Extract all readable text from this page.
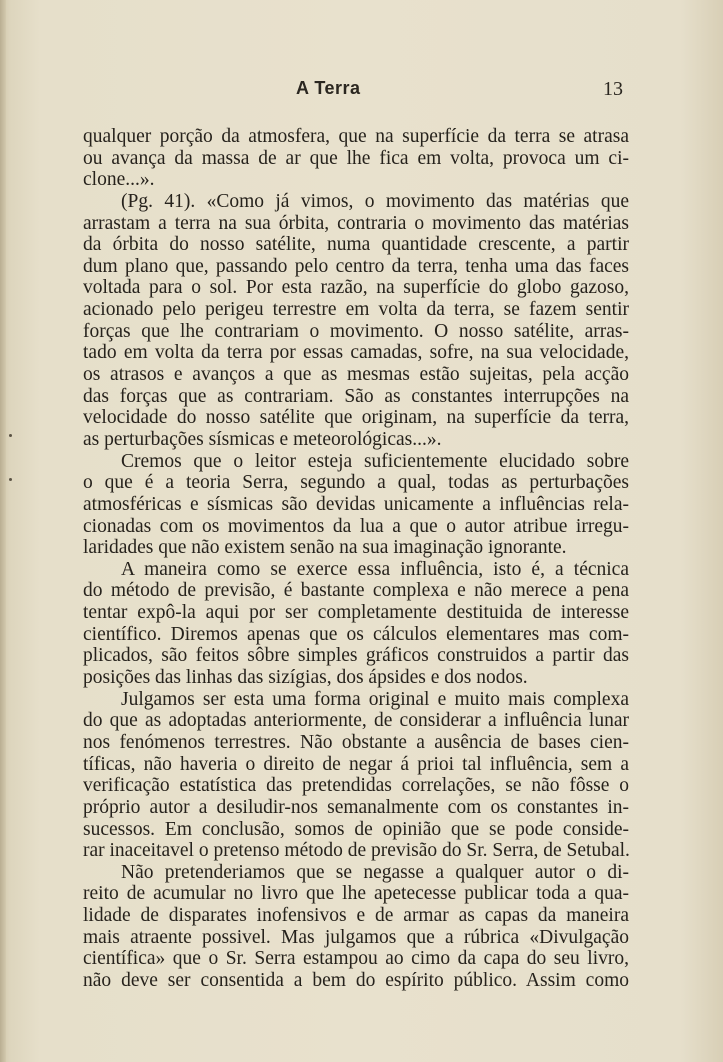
A Terra	13
qualquer porção da atmosfera, que na superfície da terra se atrasa
ou avança da massa de ar que lhe fica em volta, provoca um ci-
clone...».
(Pg. 41). «Como já vimos, o movimento das matérias que
arrastam a terra na sua órbita, contraria o movimento das matérias
da órbita do nosso satélite, numa quantidade crescente, a partir
dum plano que, passando pelo centro da terra, tenha uma das faces
voltada para o sol. Por esta razão, na superfície do globo gazoso,
acionado pelo perigeu terrestre em volta da terra, se fazem sentir
forças que lhe contrariam o movimento. O nosso satélite, arras-
tado em volta da terra por essas camadas, sofre, na sua velocidade,
os atrasos e avanços a que as mesmas estão sujeitas, pela acção
das forças que as contrariam. São as constantes interrupções na
velocidade do nosso satélite que originam, na superfície da terra,
as perturbações sísmicas e meteorológicas...».
Cremos que o leitor esteja suficientemente elucidado sobre
o que é a teoria Serra, segundo a qual, todas as perturbações
atmosféricas e sísmicas são devidas unicamente a influências rela-
cionadas com os movimentos da lua a que o autor atribue irregu-
laridades que não existem senão na sua imaginação ignorante.
A maneira como se exerce essa influência, isto é, a técnica
do método de previsão, é bastante complexa e não merece a pena
tentar expô-la aqui por ser completamente destituida de interesse
científico. Diremos apenas que os cálculos elementares mas com-
plicados, são feitos sôbre simples gráficos construidos a partir das
posições das linhas das sizígias, dos ápsides e dos nodos.
Julgamos ser esta uma forma original e muito mais complexa
do que as adoptadas anteriormente, de considerar a influência lunar
nos fenómenos terrestres. Não obstante a ausência de bases cien-
tíficas, não haveria o direito de negar á prioi tal influência, sem a
verificação estatística das pretendidas correlações, se não fôsse o
próprio autor a desiludir-nos semanalmente com os constantes in-
sucessos. Em conclusão, somos de opinião que se pode conside-
rar inaceitavel o pretenso método de previsão do Sr. Serra, de Setubal.
Não pretenderiamos que se negasse a qualquer autor o di-
reito de acumular no livro que lhe apetecesse publicar toda a qua-
lidade de disparates inofensivos e de armar as capas da maneira
mais atraente possivel. Mas julgamos que a rúbrica «Divulgação
científica» que o Sr. Serra estampou ao cimo da capa do seu livro,
não deve ser consentida a bem do espírito público. Assim como
